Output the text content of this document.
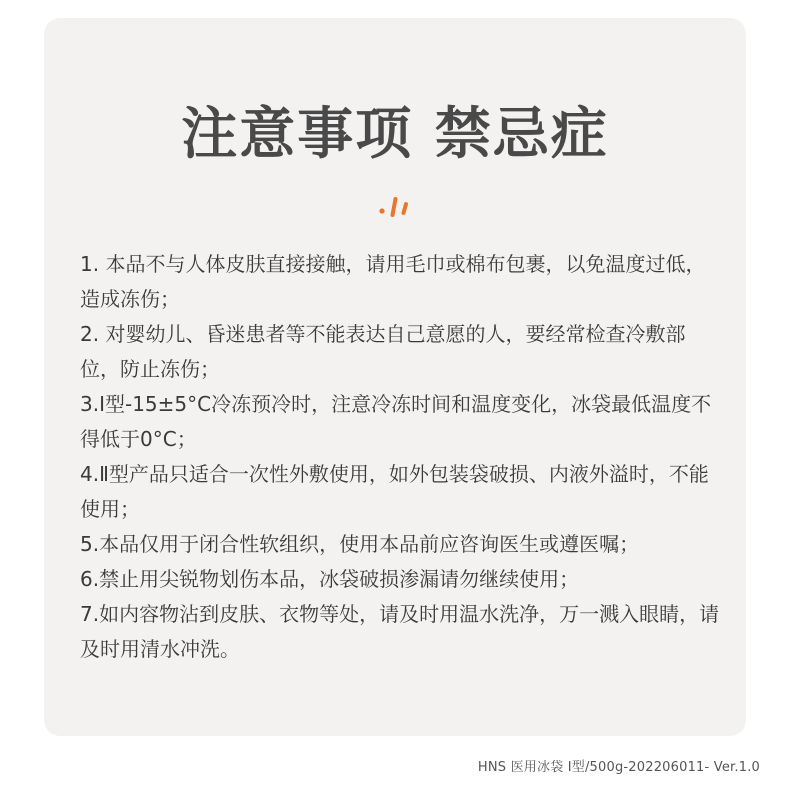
注意事项 禁忌症
1. 本品不与人体皮肤直接接触，请用毛巾或棉布包裹，以免温度过低，造成冻伤；
2. 对婴幼儿、昏迷患者等不能表达自己意愿的人，要经常检查冷敷部位，防止冻伤；
3.Ⅰ型-15±5°C冷冻预冷时，注意冷冻时间和温度变化，冰袋最低温度不得低于0°C；
4.Ⅱ型产品只适合一次性外敷使用，如外包装袋破损、内液外溢时，不能使用；
5.本品仅用于闭合性软组织，使用本品前应咨询医生或遵医嘱；
6.禁止用尖锐物划伤本品，冰袋破损渗漏请勿继续使用；
7.如内容物沾到皮肤、衣物等处，请及时用温水洗净，万一溅入眼睛，请及时用清水冲洗。
HNS 医用冰袋 I型/500g-202206011- Ver.1.0
